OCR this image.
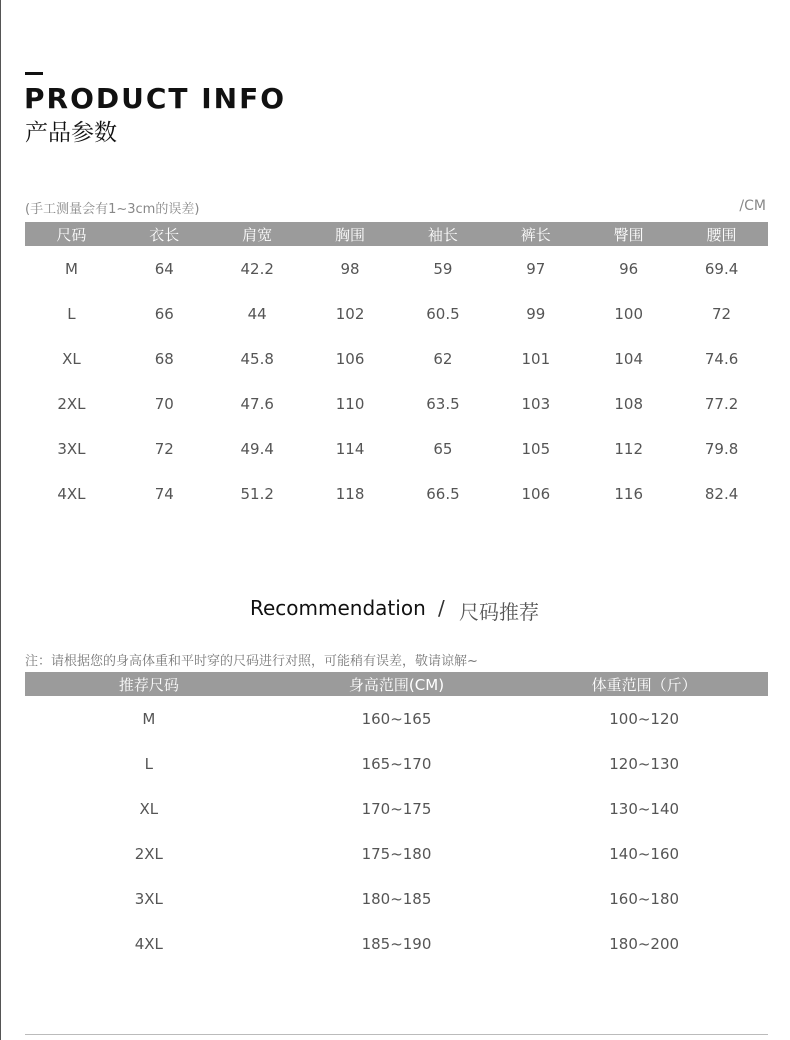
PRODUCT INFO
产品参数
(手工测量会有1~3cm的误差)	/CM
尺码	衣长	肩宽	胸围	袖长	裤长	臀围	腰围
M	64	42.2	98	59	97	96	69.4
L	66	44	102	60.5	99	100	72
XL	68	45.8	106	62	101	104	74.6
2XL	70	47.6	110	63.5	103	108	77.2
3XL	72	49.4	114	65	105	112	79.8
4XL	74	51.2	118	66.5	106	116	82.4
Recommendation / 尺码推荐
注：请根据您的身高体重和平时穿的尺码进行对照，可能稍有误差，敬请谅解~
推荐尺码	身高范围(CM)	体重范围（斤）
M	160~165	100~120
L	165~170	120~130
XL	170~175	130~140
2XL	175~180	140~160
3XL	180~185	160~180
4XL	185~190	180~200
